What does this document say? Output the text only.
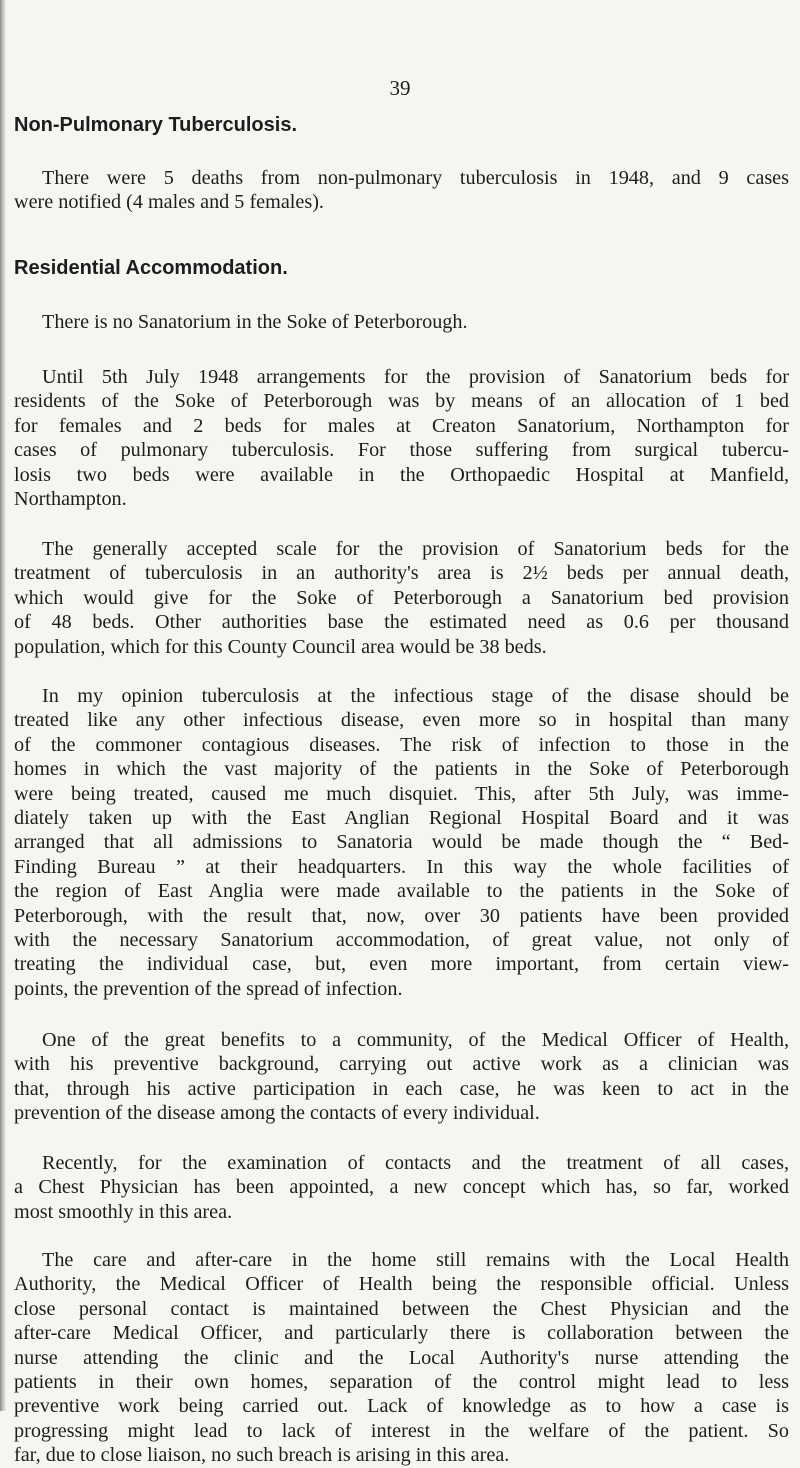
39
Non-Pulmonary Tuberculosis.
There were 5 deaths from non-pulmonary tuberculosis in 1948, and 9 cases
were notified (4 males and 5 females).
Residential Accommodation.
There is no Sanatorium in the Soke of Peterborough.
Until 5th July 1948 arrangements for the provision of Sanatorium beds for
residents of the Soke of Peterborough was by means of an allocation of 1 bed
for females and 2 beds for males at Creaton Sanatorium, Northampton for
cases of pulmonary tuberculosis. For those suffering from surgical tubercu-
losis two beds were available in the Orthopaedic Hospital at Manfield,
Northampton.
The generally accepted scale for the provision of Sanatorium beds for the
treatment of tuberculosis in an authority's area is 2½ beds per annual death,
which would give for the Soke of Peterborough a Sanatorium bed provision
of 48 beds. Other authorities base the estimated need as 0.6 per thousand
population, which for this County Council area would be 38 beds.
In my opinion tuberculosis at the infectious stage of the disase should be
treated like any other infectious disease, even more so in hospital than many
of the commoner contagious diseases. The risk of infection to those in the
homes in which the vast majority of the patients in the Soke of Peterborough
were being treated, caused me much disquiet. This, after 5th July, was imme-
diately taken up with the East Anglian Regional Hospital Board and it was
arranged that all admissions to Sanatoria would be made though the “ Bed-
Finding Bureau ” at their headquarters. In this way the whole facilities of
the region of East Anglia were made available to the patients in the Soke of
Peterborough, with the result that, now, over 30 patients have been provided
with the necessary Sanatorium accommodation, of great value, not only of
treating the individual case, but, even more important, from certain view-
points, the prevention of the spread of infection.
One of the great benefits to a community, of the Medical Officer of Health,
with his preventive background, carrying out active work as a clinician was
that, through his active participation in each case, he was keen to act in the
prevention of the disease among the contacts of every individual.
Recently, for the examination of contacts and the treatment of all cases,
a Chest Physician has been appointed, a new concept which has, so far, worked
most smoothly in this area.
The care and after-care in the home still remains with the Local Health
Authority, the Medical Officer of Health being the responsible official. Unless
close personal contact is maintained between the Chest Physician and the
after-care Medical Officer, and particularly there is collaboration between the
nurse attending the clinic and the Local Authority's nurse attending the
patients in their own homes, separation of the control might lead to less
preventive work being carried out. Lack of knowledge as to how a case is
progressing might lead to lack of interest in the welfare of the patient. So
far, due to close liaison, no such breach is arising in this area.
